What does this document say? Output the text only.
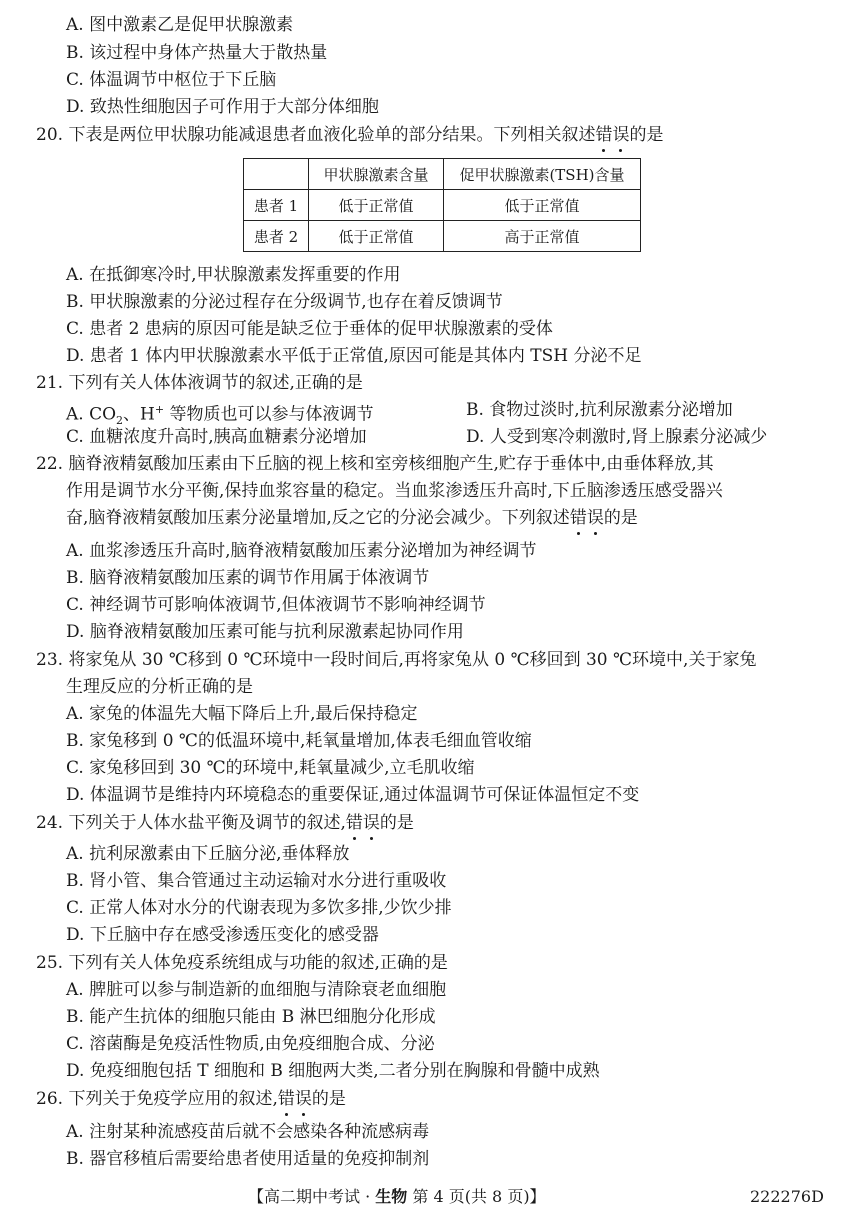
A. 图中激素乙是促甲状腺激素
B. 该过程中身体产热量大于散热量
C. 体温调节中枢位于下丘脑
D. 致热性细胞因子可作用于大部分体细胞
20. 下表是两位甲状腺功能减退患者血液化验单的部分结果。下列相关叙述错误的是
	甲状腺激素含量	促甲状腺激素(TSH)含量
患者 1	低于正常值	低于正常值
患者 2	低于正常值	高于正常值
A. 在抵御寒冷时,甲状腺激素发挥重要的作用
B. 甲状腺激素的分泌过程存在分级调节,也存在着反馈调节
C. 患者 2 患病的原因可能是缺乏位于垂体的促甲状腺激素的受体
D. 患者 1 体内甲状腺激素水平低于正常值,原因可能是其体内 TSH 分泌不足
21. 下列有关人体体液调节的叙述,正确的是
A. $CO_2$、H+ 等物质也可以参与体液调节	B. 食物过淡时,抗利尿激素分泌增加
C. 血糖浓度升高时,胰高血糖素分泌增加	D. 人受到寒冷刺激时,肾上腺素分泌减少
22. 脑脊液精氨酸加压素由下丘脑的视上核和室旁核细胞产生,贮存于垂体中,由垂体释放,其
作用是调节水分平衡,保持血浆容量的稳定。当血浆渗透压升高时,下丘脑渗透压感受器兴
奋,脑脊液精氨酸加压素分泌量增加,反之它的分泌会减少。下列叙述错误的是
A. 血浆渗透压升高时,脑脊液精氨酸加压素分泌增加为神经调节
B. 脑脊液精氨酸加压素的调节作用属于体液调节
C. 神经调节可影响体液调节,但体液调节不影响神经调节
D. 脑脊液精氨酸加压素可能与抗利尿激素起协同作用
23. 将家兔从 30 ℃移到 0 ℃环境中一段时间后,再将家兔从 0 ℃移回到 30 ℃环境中,关于家兔
生理反应的分析正确的是
A. 家兔的体温先大幅下降后上升,最后保持稳定
B. 家兔移到 0 ℃的低温环境中,耗氧量增加,体表毛细血管收缩
C. 家兔移回到 30 ℃的环境中,耗氧量减少,立毛肌收缩
D. 体温调节是维持内环境稳态的重要保证,通过体温调节可保证体温恒定不变
24. 下列关于人体水盐平衡及调节的叙述,错误的是
A. 抗利尿激素由下丘脑分泌,垂体释放
B. 肾小管、集合管通过主动运输对水分进行重吸收
C. 正常人体对水分的代谢表现为多饮多排,少饮少排
D. 下丘脑中存在感受渗透压变化的感受器
25. 下列有关人体免疫系统组成与功能的叙述,正确的是
A. 脾脏可以参与制造新的血细胞与清除衰老血细胞
B. 能产生抗体的细胞只能由 B 淋巴细胞分化形成
C. 溶菌酶是免疫活性物质,由免疫细胞合成、分泌
D. 免疫细胞包括 T 细胞和 B 细胞两大类,二者分别在胸腺和骨髓中成熟
26. 下列关于免疫学应用的叙述,错误的是
A. 注射某种流感疫苗后就不会感染各种流感病毒
B. 器官移植后需要给患者使用适量的免疫抑制剂
【高二期中考试 · 生物 第 4 页(共 8 页)】	222276D
